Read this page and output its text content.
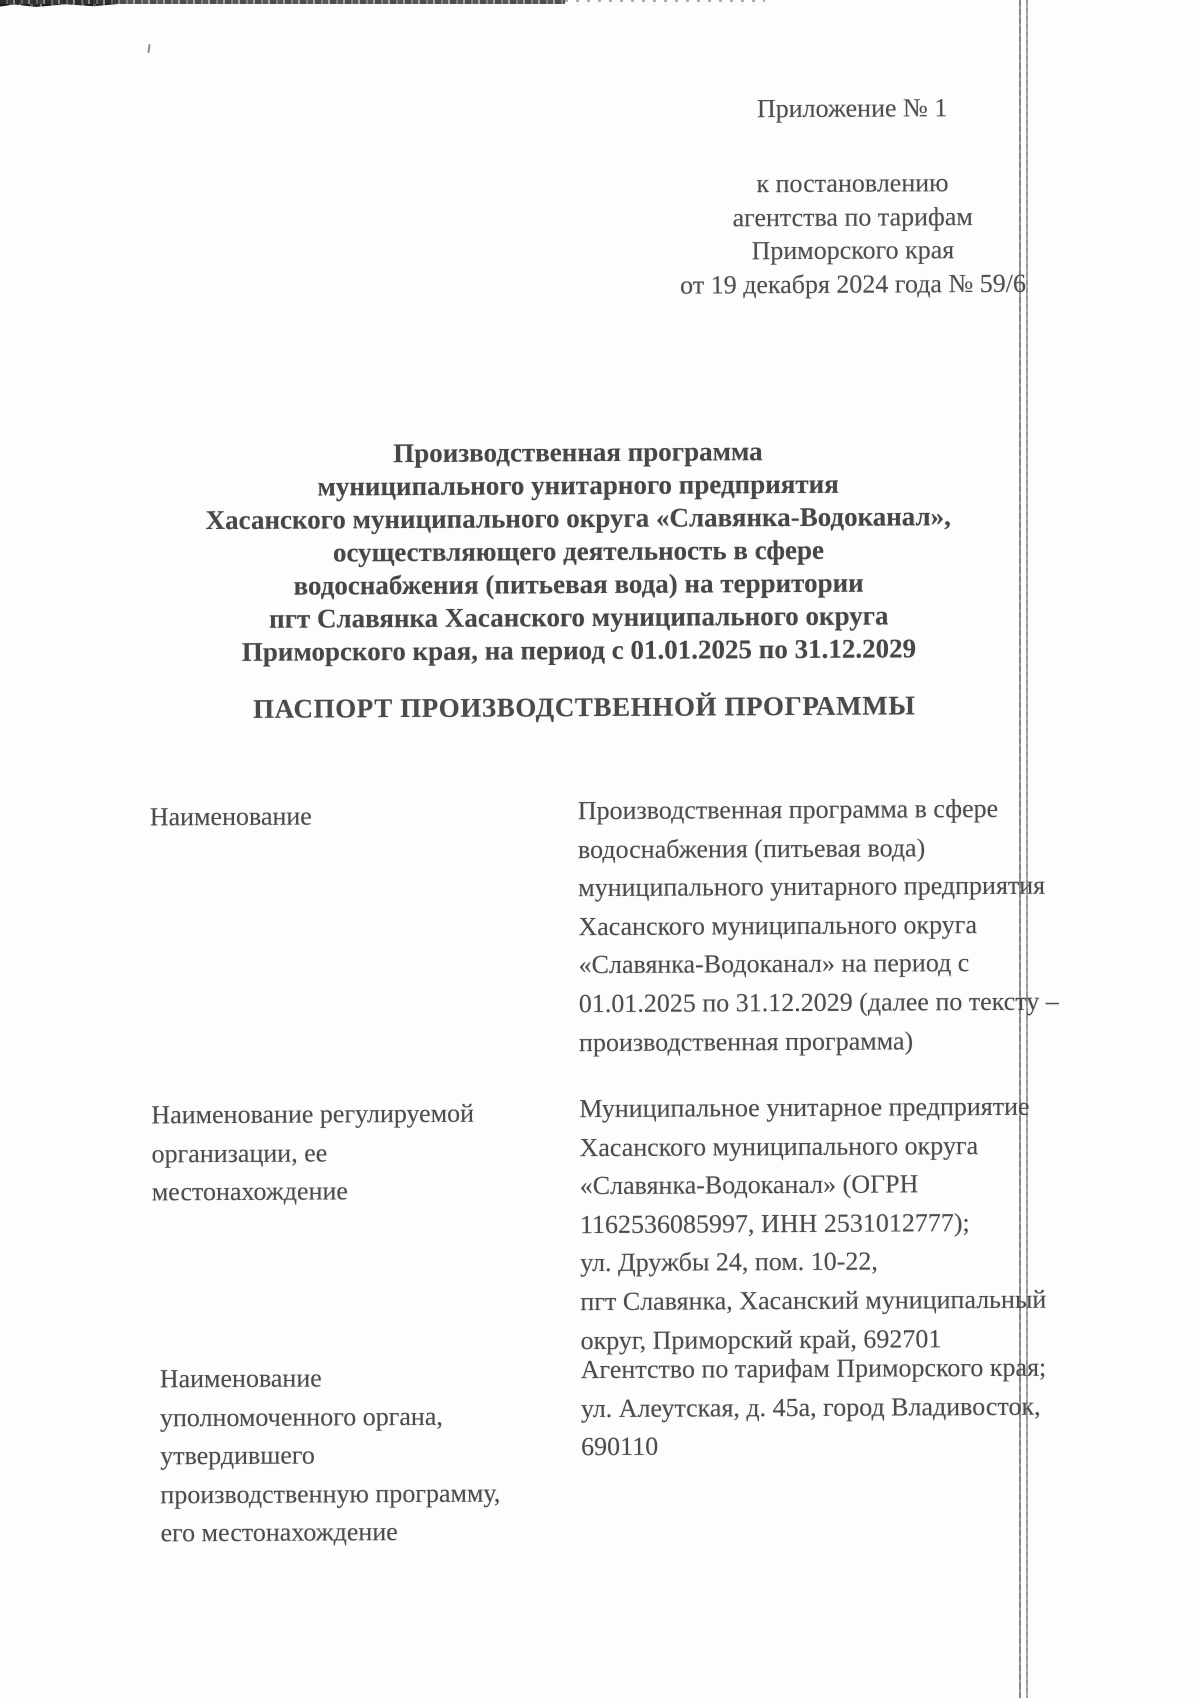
Приложение № 1
к постановлению
агентства по тарифам
Приморского края
от 19 декабря 2024 года № 59/6
Производственная программа
муниципального унитарного предприятия
Хасанского муниципального округа «Славянка-Водоканал»,
осуществляющего деятельность в сфере
водоснабжения (питьевая вода) на территории
пгт Славянка Хасанского муниципального округа
Приморского края, на период с 01.01.2025 по 31.12.2029
ПАСПОРТ ПРОИЗВОДСТВЕННОЙ ПРОГРАММЫ
Наименование	Производственная программа в сфере
водоснабжения (питьевая вода)
муниципального унитарного предприятия
Хасанского муниципального округа
«Славянка-Водоканал» на период с
01.01.2025 по 31.12.2029 (далее по тексту –
производственная программа)
Наименование регулируемой
организации, ее
местонахождение
Муниципальное унитарное предприятие
Хасанского муниципального округа
«Славянка-Водоканал» (ОГРН
1162536085997, ИНН 2531012777);
ул. Дружбы 24, пом. 10-22,
пгт Славянка, Хасанский муниципальный
округ, Приморский край, 692701
Наименование
уполномоченного органа,
утвердившего
производственную программу,
его местонахождение
Агентство по тарифам Приморского края;
ул. Алеутская, д. 45а, город Владивосток,
690110
